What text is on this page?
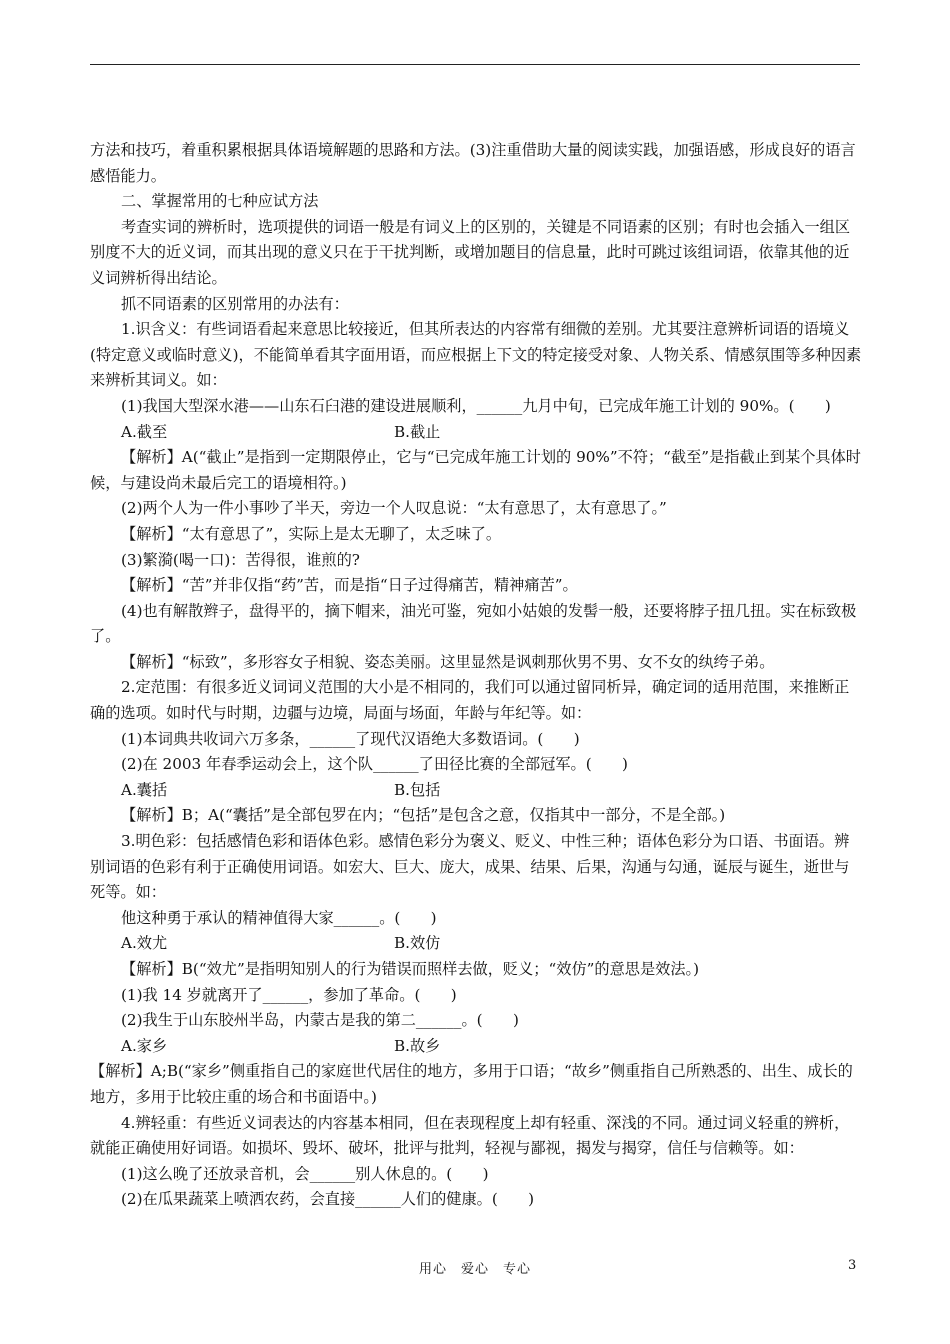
方法和技巧，着重积累根据具体语境解题的思路和方法。(3)注重借助大量的阅读实践，加强语感，形成良好的语言感悟能力。

二、掌握常用的七种应试方法

考查实词的辨析时，选项提供的词语一般是有词义上的区别的，关键是不同语素的区别；有时也会插入一组区别度不大的近义词，而其出现的意义只在于干扰判断，或增加题目的信息量，此时可跳过该组词语，依靠其他的近义词辨析得出结论。

抓不同语素的区别常用的办法有：

1.识含义：有些词语看起来意思比较接近，但其所表达的内容常有细微的差别。尤其要注意辨析词语的语境义(特定意义或临时意义)，不能简单看其字面用语，而应根据上下文的特定接受对象、人物关系、情感氛围等多种因素来辨析其词义。如：

(1)我国大型深水港——山东石臼港的建设进展顺利，______九月中旬，已完成年施工计划的 90%。(　　)

A.截至	B.截止

【解析】A(“截止”是指到一定期限停止，它与“已完成年施工计划的 90%”不符；“截至”是指截止到某个具体时候，与建设尚未最后完工的语境相符。)

(2)两个人为一件小事吵了半天，旁边一个人叹息说：“太有意思了，太有意思了。”

【解析】“太有意思了”，实际上是太无聊了，太乏味了。

(3)繁漪(喝一口)：苦得很，谁煎的?

【解析】“苦”并非仅指“药”苦，而是指“日子过得痛苦，精神痛苦”。

(4)也有解散辫子，盘得平的，摘下帽来，油光可鉴，宛如小姑娘的发髻一般，还要将脖子扭几扭。实在标致极了。

【解析】“标致”，多形容女子相貌、姿态美丽。这里显然是讽刺那伙男不男、女不女的纨绔子弟。

2.定范围：有很多近义词词义范围的大小是不相同的，我们可以通过留同析异，确定词的适用范围，来推断正确的选项。如时代与时期，边疆与边境，局面与场面，年龄与年纪等。如：

(1)本词典共收词六万多条，______了现代汉语绝大多数语词。(　　)

(2)在 2003 年春季运动会上，这个队______了田径比赛的全部冠军。(　　)

A.囊括	B.包括

【解析】B；A(“囊括”是全部包罗在内；“包括”是包含之意，仅指其中一部分，不是全部。)

3.明色彩：包括感情色彩和语体色彩。感情色彩分为褒义、贬义、中性三种；语体色彩分为口语、书面语。辨别词语的色彩有利于正确使用词语。如宏大、巨大、庞大，成果、结果、后果，沟通与勾通，诞辰与诞生，逝世与死等。如：

他这种勇于承认的精神值得大家______。(　　)

A.效尤	B.效仿

【解析】B(“效尤”是指明知别人的行为错误而照样去做，贬义；“效仿”的意思是效法。)

(1)我 14 岁就离开了______，参加了革命。(　　)

(2)我生于山东胶州半岛，内蒙古是我的第二______。(　　)

A.家乡	B.故乡

【解析】A;B(“家乡”侧重指自己的家庭世代居住的地方，多用于口语；“故乡”侧重指自己所熟悉的、出生、成长的地方，多用于比较庄重的场合和书面语中。)

4.辨轻重：有些近义词表达的内容基本相同，但在表现程度上却有轻重、深浅的不同。通过词义轻重的辨析，就能正确使用好词语。如损坏、毁坏、破坏，批评与批判，轻视与鄙视，揭发与揭穿，信任与信赖等。如：

(1)这么晚了还放录音机，会______别人休息的。(　　)

(2)在瓜果蔬菜上喷洒农药，会直接______人们的健康。(　　)

用心　爱心　专心	3
